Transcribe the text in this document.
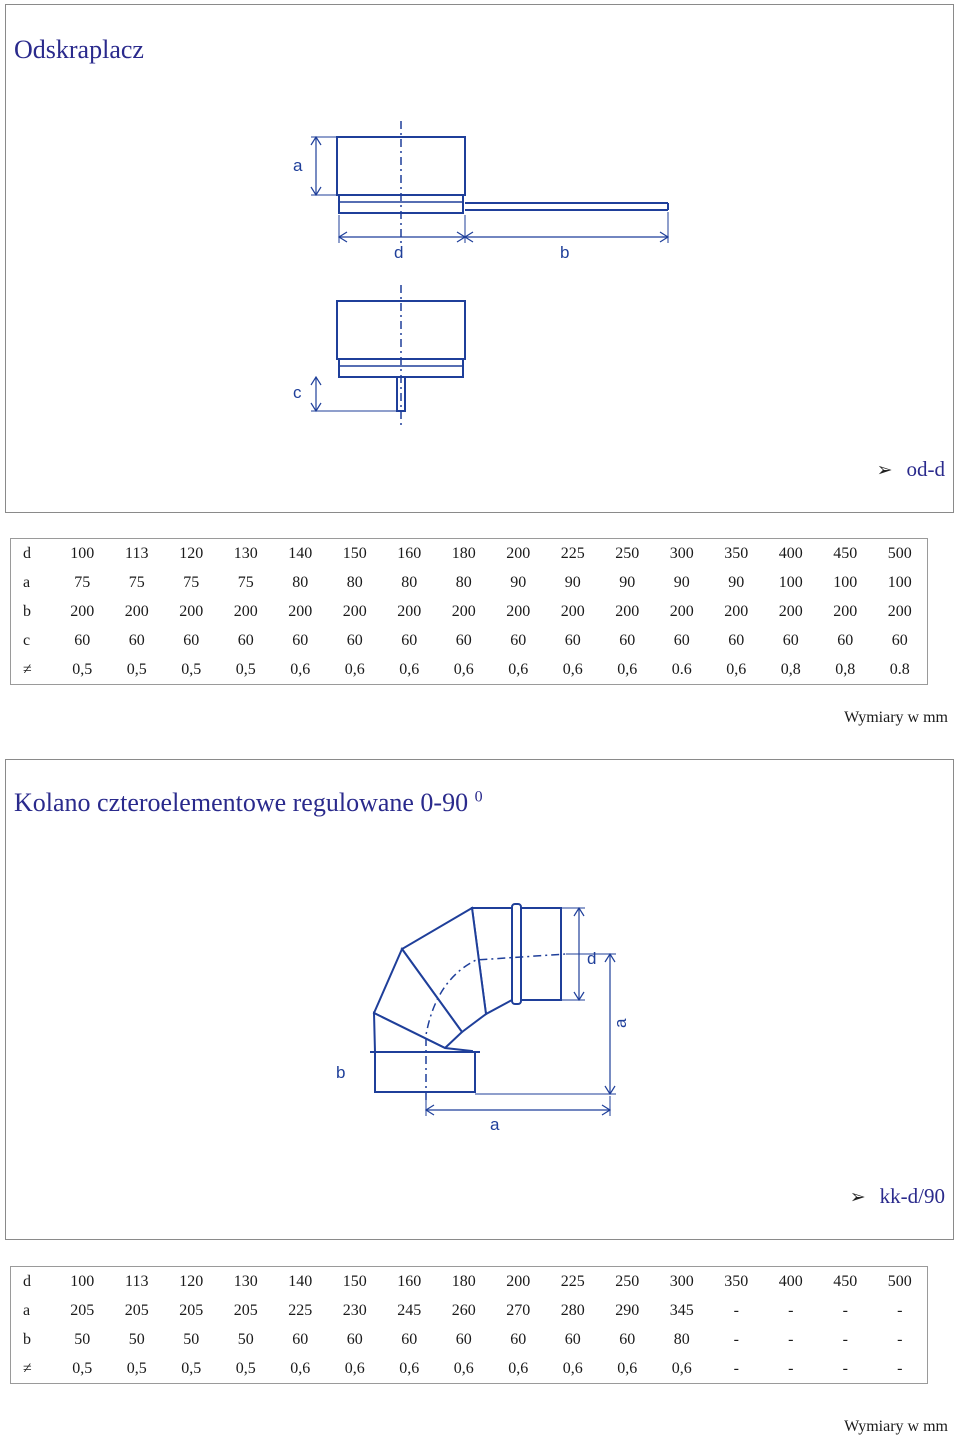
Odskraplacz
a
d	b
c
➢ od-d
d	100	113	120	130	140	150	160	180	200	225	250	300	350	400	450	500
a	75	75	75	75	80	80	80	80	90	90	90	90	90	100	100	100
b	200	200	200	200	200	200	200	200	200	200	200	200	200	200	200	200
c	60	60	60	60	60	60	60	60	60	60	60	60	60	60	60	60
≠	0,5	0,5	0,5	0,5	0,6	0,6	0,6	0,6	0,6	0,6	0,6	0.6	0,6	0,8	0,8	0.8
Wymiary w mm
Kolano czteroelementowe regulowane 0-90 $^0$
d
a
b
a
➢ kk-d/90
d	100	113	120	130	140	150	160	180	200	225	250	300	350	400	450	500
a	205	205	205	205	225	230	245	260	270	280	290	345	-	-	-	-
b	50	50	50	50	60	60	60	60	60	60	60	80	-	-	-	-
≠	0,5	0,5	0,5	0,5	0,6	0,6	0,6	0,6	0,6	0,6	0,6	0,6	-	-	-	-
Wymiary w mm
